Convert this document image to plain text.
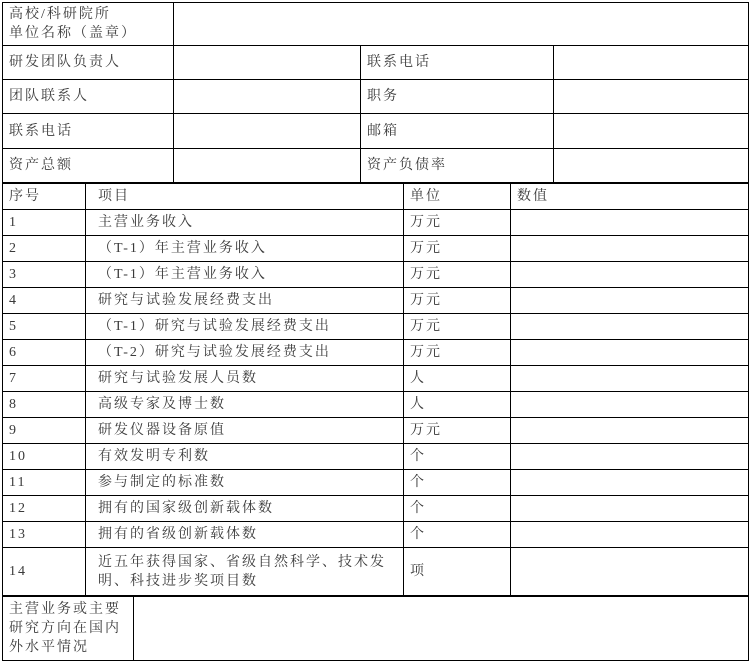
高校/科研院所
单位名称（盖章）			

研发团队负责人		联系电话	
团队联系人		职务	
联系电话		邮箱	
资产总额		资产负债率	
序号	项目	单位	数值
1	主营业务收入	万元	
2	（T-1）年主营业务收入	万元	
3	（T-1）年主营业务收入	万元	
4	研究与试验发展经费支出	万元	
5	（T-1）研究与试验发展经费支出	万元	
6	（T-2）研究与试验发展经费支出	万元	
7	研究与试验发展人员数	人	
8	高级专家及博士数	人	
9	研发仪器设备原值	万元	
10	有效发明专利数	个	
11	参与制定的标准数	个	
12	拥有的国家级创新载体数	个	
13	拥有的省级创新载体数	个	
14	近五年获得国家、省级自然科学、技术发明、科技进步奖项目数	项	
主营业务或主要
研究方向在国内
外水平情况
